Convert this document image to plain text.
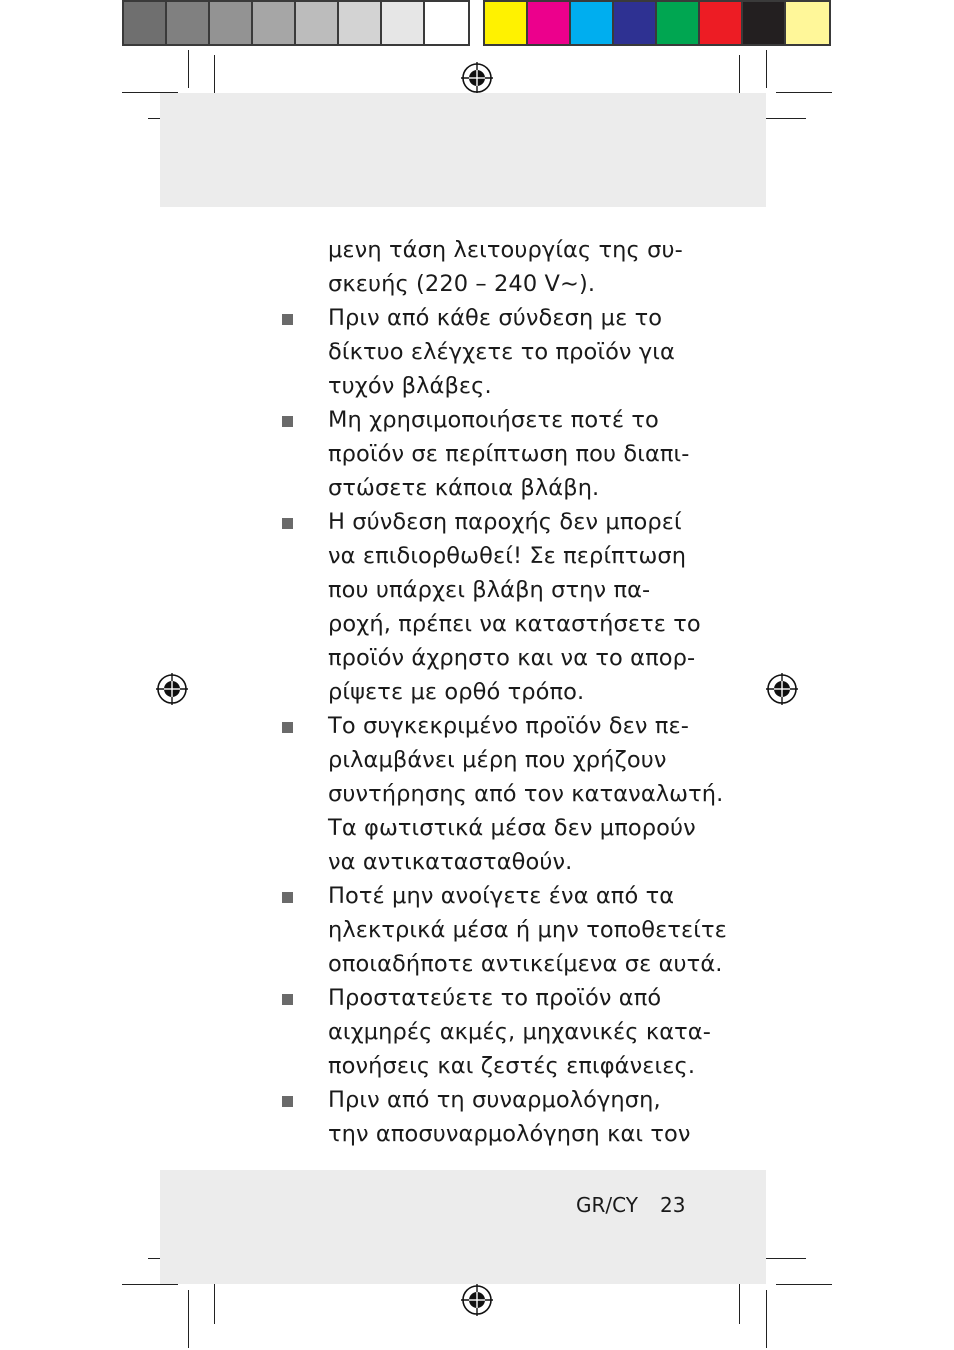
μενη τάση λειτουργίας της συ-
σκευής (220 – 240 V∼).
Πριν από κάθε σύνδεση με το
δίκτυο ελέγχετε το προϊόν για
τυχόν βλάβες.
Μη χρησιμοποιήσετε ποτέ το
προϊόν σε περίπτωση που διαπι-
στώσετε κάποια βλάβη.
Η σύνδεση παροχής δεν μπορεί
να επιδιορθωθεί! Σε περίπτωση
που υπάρχει βλάβη στην πα-
ροχή, πρέπει να καταστήσετε το
προϊόν άχρηστο και να το απορ-
ρίψετε με ορθό τρόπο.
Το συγκεκριμένο προϊόν δεν πε-
ριλαμβάνει μέρη που χρήζουν
συντήρησης από τον καταναλωτή.
Τα φωτιστικά μέσα δεν μπορούν
να αντικατασταθούν.
Ποτέ μην ανοίγετε ένα από τα
ηλεκτρικά μέσα ή μην τοποθετείτε
οποιαδήποτε αντικείμενα σε αυτά.
Προστατεύετε το προϊόν από
αιχμηρές ακμές, μηχανικές κατα-
πονήσεις και ζεστές επιφάνειες.
Πριν από τη συναρμολόγηση,
την αποσυναρμολόγηση και τον
GR/CY 23
